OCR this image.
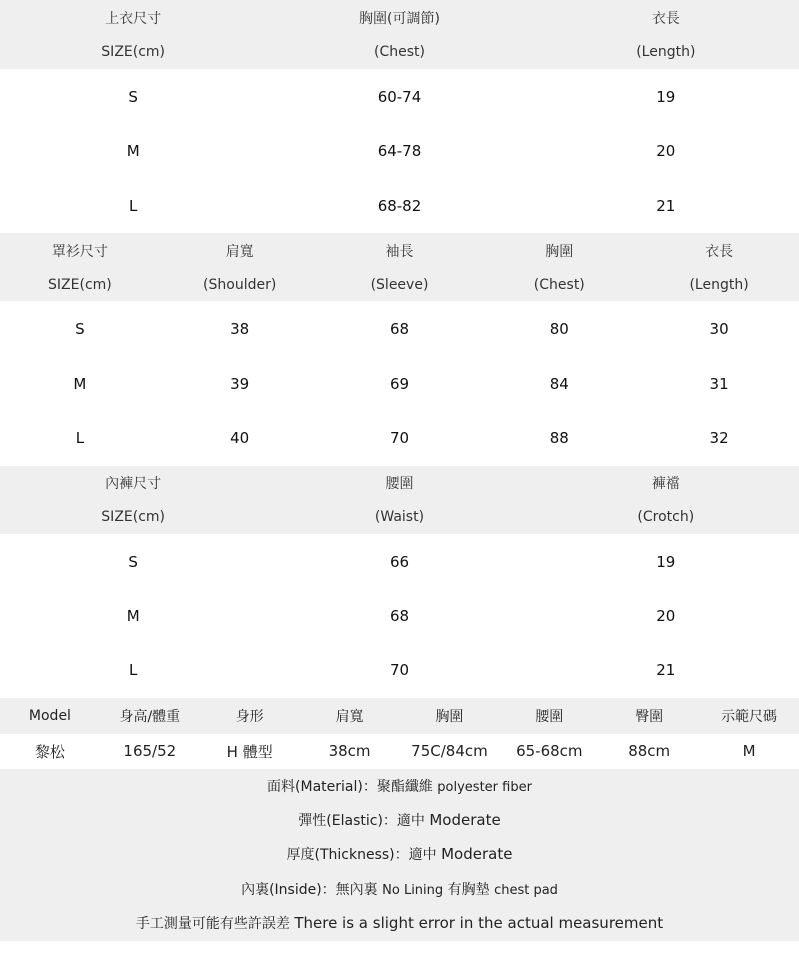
上衣尺寸	胸圍(可調節)	衣長
SIZE(cm)	(Chest)	(Length)
S	60-74	19
M	64-78	20
L	68-82	21
罩衫尺寸	肩寬	袖長	胸圍	衣長
SIZE(cm)	(Shoulder)	(Sleeve)	(Chest)	(Length)
S	38	68	80	30
M	39	69	84	31
L	40	70	88	32
內褲尺寸	腰圍	褲襠
SIZE(cm)	(Waist)	(Crotch)
S	66	19
M	68	20
L	70	21
Model	身高/體重	身形	肩寬	胸圍	腰圍	臀圍	示範尺碼
黎松	165/52	H 體型	38cm	75C/84cm	65-68cm	88cm	M
面料(Material)：聚酯纖維 polyester fiber
彈性(Elastic)：適中 Moderate
厚度(Thickness)：適中 Moderate
內裏(Inside)：無內裏 No Lining 有胸墊 chest pad
手工測量可能有些許誤差 There is a slight error in the actual measurement
